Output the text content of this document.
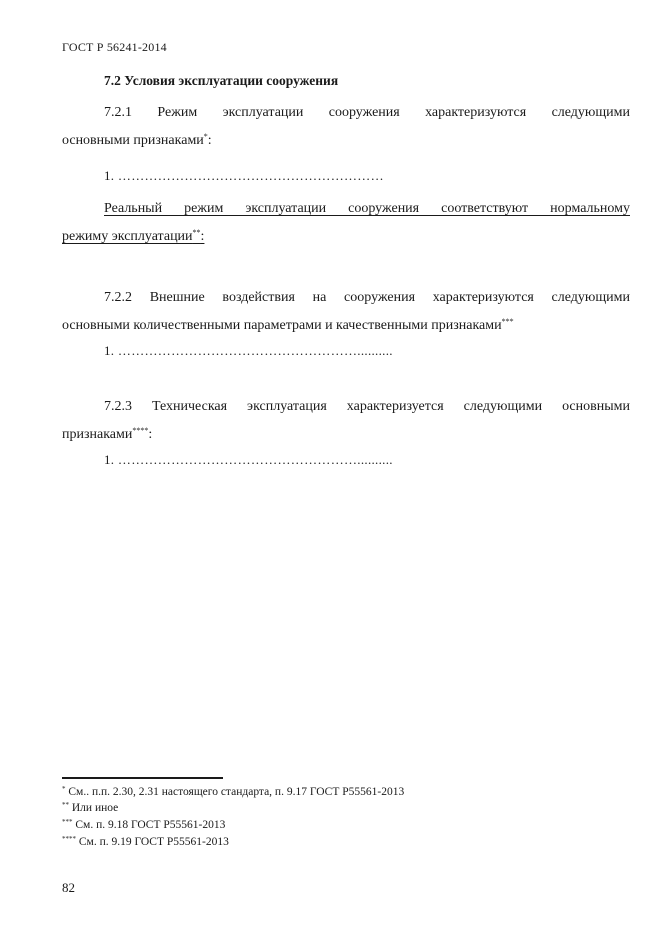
ГОСТ Р 56241-2014
7.2 Условия эксплуатации сооружения
7.2.1 Режим эксплуатации сооружения характеризуются следующими
основными признаками*:
1. ……………………………………………………
Реальный режим эксплуатации сооружения соответствуют нормальному
режиму эксплуатации**:
7.2.2 Внешние воздействия на сооружения характеризуются следующими
основными количественными параметрами и качественными признаками***
1. ………………………………………………..........
7.2.3 Техническая эксплуатация характеризуется следующими основными
признаками****:
1. ………………………………………………..........
* См.. п.п. 2.30, 2.31 настоящего стандарта, п. 9.17 ГОСТ Р55561-2013
** Или иное
*** См. п. 9.18 ГОСТ Р55561-2013
**** См. п. 9.19 ГОСТ Р55561-2013
82
